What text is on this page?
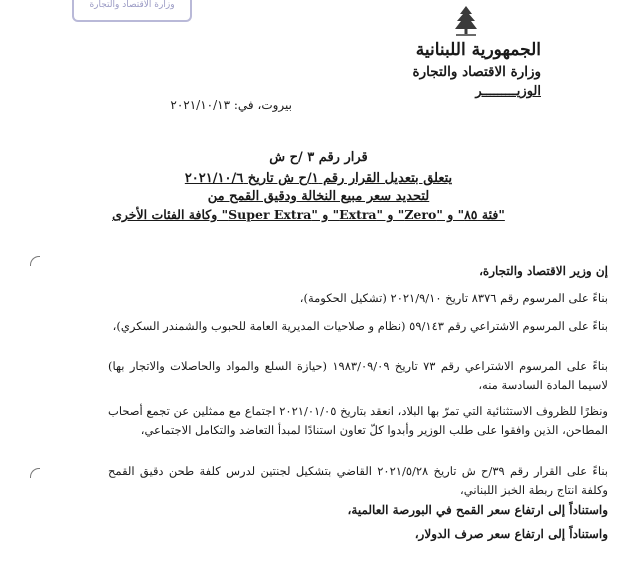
وزارة الاقتصاد والتجارة
الجمهورية اللبنانية
وزارة الاقتصاد والتجارة
الوزيـــــــــر
بيروت، في: ٢٠٢١/١٠/١٣
قرار رقم ٣ /ح ش
يتعلق بتعديل القرار رقم ١/ح ش تاريخ ٢٠٢١/١٠/٦
لتحديد سعر مبيع النخالة ودقيق القمح من
"فئة ٨٥" و "Zero" و "Extra" و "Super Extra" وكافة الفئات الأخرى
إن وزير الاقتصاد والتجارة،
بناءً على المرسوم رقم ٨٣٧٦ تاريخ ٢٠٢١/٩/١٠ (تشكيل الحكومة)،
بناءً على المرسوم الاشتراعي رقم ٥٩/١٤٣ (نظام و صلاحيات المديرية العامة للحبوب والشمندر السكري)،
بناءً على المرسوم الاشتراعي رقم ٧٣ تاريخ ١٩٨٣/٠٩/٠٩ (حيازة السلع والمواد والحاصلات والاتجار بها) لاسيما المادة السادسة منه،
ونظرًا للظروف الاستثنائية التي تمرّ بها البلاد، انعقد بتاريخ ٢٠٢١/٠١/٠٥ اجتماع مع ممثلين عن تجمع أصحاب المطاحن، الذين وافقوا على طلب الوزير وأبدوا كلّ تعاون استنادًا لمبدأ التعاضد والتكامل الاجتماعي،
بناءً على القرار رقم ٣٩/ح ش تاريخ ٢٠٢١/٥/٢٨ القاضي بتشكيل لجنتين لدرس كلفة طحن دقيق القمح وكلفة انتاج ربطة الخبز اللبناني،
واستناداً إلى ارتفاع سعر القمح في البورصة العالمية،
واستناداً إلى ارتفاع سعر صرف الدولار،
